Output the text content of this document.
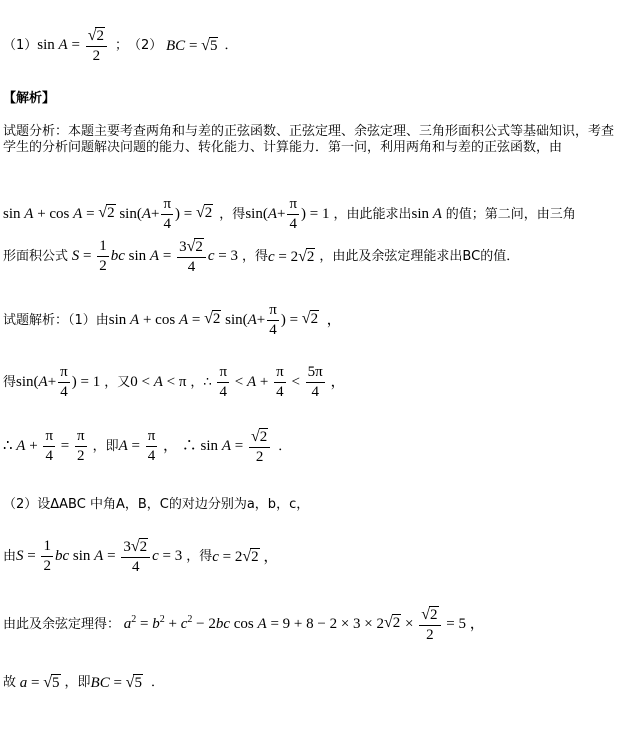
（1） $\sin A = \frac{√ 2}{2}$ ； （2） BC = √ 5 ．
【解析】
试题分析：本题主要考查两角和与差的正弦函数、正弦定理、余弦定理、三角形面积公式等基础知识，考查学生的分析问题解决问题的能力、转化能力、计算能力．第一问，利用两角和与差的正弦函数，由
sin A + cos A = √ 2 $\sin(A+ \frac{\pi}{4}$ ) = √ 2 ，得 $\sin(A+ \frac{\pi}{4}$ ) = 1 ，由此能求出 sin A 的值；第二问，由三角
形面积公式 $S = \frac{1}{2}$ bc $\sin A = \frac{3 √ 2}{4}$ c = 3 ，得 c = 2 √ 2 ，由此及余弦定理能求出BC的值．
试题解析：（1）由 sin A + cos A = √ 2 $\sin(A+ \frac{\pi}{4}$ ) = √ 2 ，
得 $\sin(A+ \frac{\pi}{4}$ ) = 1 ，又 0 < A < π ，∴
$\frac{\pi}{4} < A + \frac{\pi}{4} < \frac{5\pi}{4}$ ，
∴ $A + \frac{\pi}{4} = \frac{\pi}{2}$ ，即 $A = \frac{\pi}{4}$ ， ∴ $\sin A = \frac{√ 2}{2}$ ．
（2）设ΔABC 中角A，B，C的对边分别为a，b，c，
由 $S = \frac{1}{2}$ bc $\sin A = \frac{3 √ 2}{4}$ c = 3 ，得 c = 2 √ 2 ，
由此及余弦定理得： $a^2 = b^2 + c^2 - 2bc$ cos A = 9 + 8 − 2 × 3 × 2 √ $2 \times \frac{√ 2}{2} = 5$ ，
故 a = √ 5 ，即 BC = √ 5 ．
